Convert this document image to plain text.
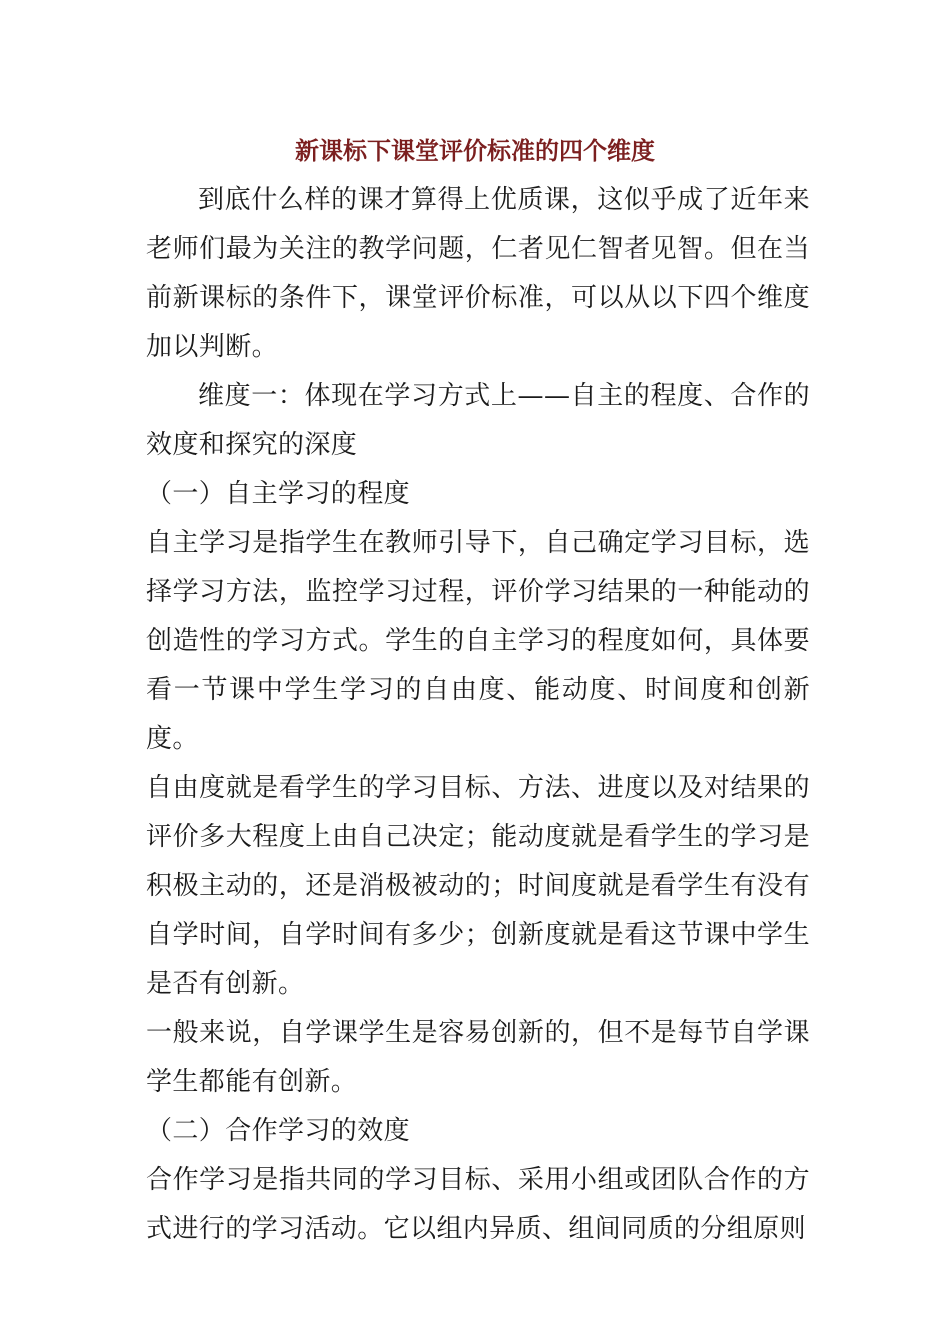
新课标下课堂评价标准的四个维度

到底什么样的课才算得上优质课，这似乎成了近年来老师们最为关注的教学问题，仁者见仁智者见智。但在当前新课标的条件下，课堂评价标准，可以从以下四个维度加以判断。

维度一：体现在学习方式上——自主的程度、合作的效度和探究的深度

（一）自主学习的程度

自主学习是指学生在教师引导下，自己确定学习目标，选择学习方法，监控学习过程，评价学习结果的一种能动的创造性的学习方式。学生的自主学习的程度如何，具体要看一节课中学生学习的自由度、能动度、时间度和创新度。

自由度就是看学生的学习目标、方法、进度以及对结果的评价多大程度上由自己决定；能动度就是看学生的学习是积极主动的，还是消极被动的；时间度就是看学生有没有自学时间，自学时间有多少；创新度就是看这节课中学生是否有创新。

一般来说，自学课学生是容易创新的，但不是每节自学课学生都能有创新。

（二）合作学习的效度

合作学习是指共同的学习目标、采用小组或团队合作的方式进行的学习活动。它以组内异质、组间同质的分组原则
